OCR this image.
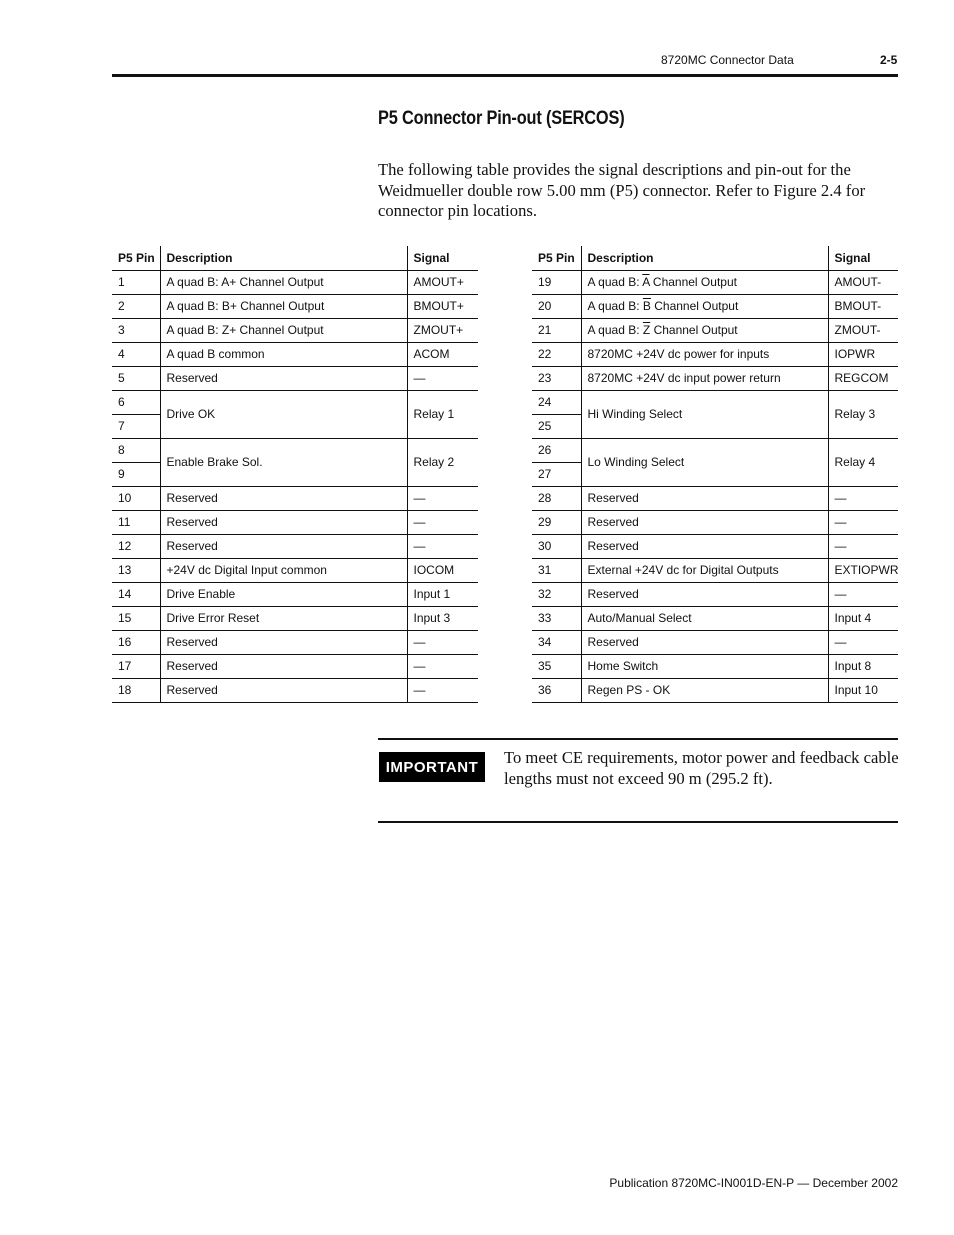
8720MC Connector Data	2-5
P5 Connector Pin-out (SERCOS)

The following table provides the signal descriptions and pin-out for the Weidmueller double row 5.00 mm (P5) connector. Refer to Figure 2.4 for connector pin locations.

P5 Pin	Description	Signal
1	A quad B: A+ Channel Output	AMOUT+
2	A quad B: B+ Channel Output	BMOUT+
3	A quad B: Z+ Channel Output	ZMOUT+
4	A quad B common	ACOM
5	Reserved	—
6	Drive OK	Relay 1
7		
8	Enable Brake Sol.	Relay 2
9		
10	Reserved	—
11	Reserved	—
12	Reserved	—
13	+24V dc Digital Input common	IOCOM
14	Drive Enable	Input 1
15	Drive Error Reset	Input 3
16	Reserved	—
17	Reserved	—
18	Reserved	—
P5 Pin	Description	Signal
19	A quad B: $\overline{A}$ Channel Output	AMOUT-
20	A quad B: $\overline{B}$ Channel Output	BMOUT-
21	A quad B: $\overline{Z}$ Channel Output	ZMOUT-
22	8720MC +24V dc power for inputs	IOPWR
23	8720MC +24V dc input power return	REGCOM
24	Hi Winding Select	Relay 3
25		
26	Lo Winding Select	Relay 4
27		
28	Reserved	—
29	Reserved	—
30	Reserved	—
31	External +24V dc for Digital Outputs	EXTIOPWR
32	Reserved	—
33	Auto/Manual Select	Input 4
34	Reserved	—
35	Home Switch	Input 8
36	Regen PS - OK	Input 10
IMPORTANT	To meet CE requirements, motor power and feedback cable lengths must not exceed 90 m (295.2 ft).

Publication 8720MC-IN001D-EN-P — December 2002
